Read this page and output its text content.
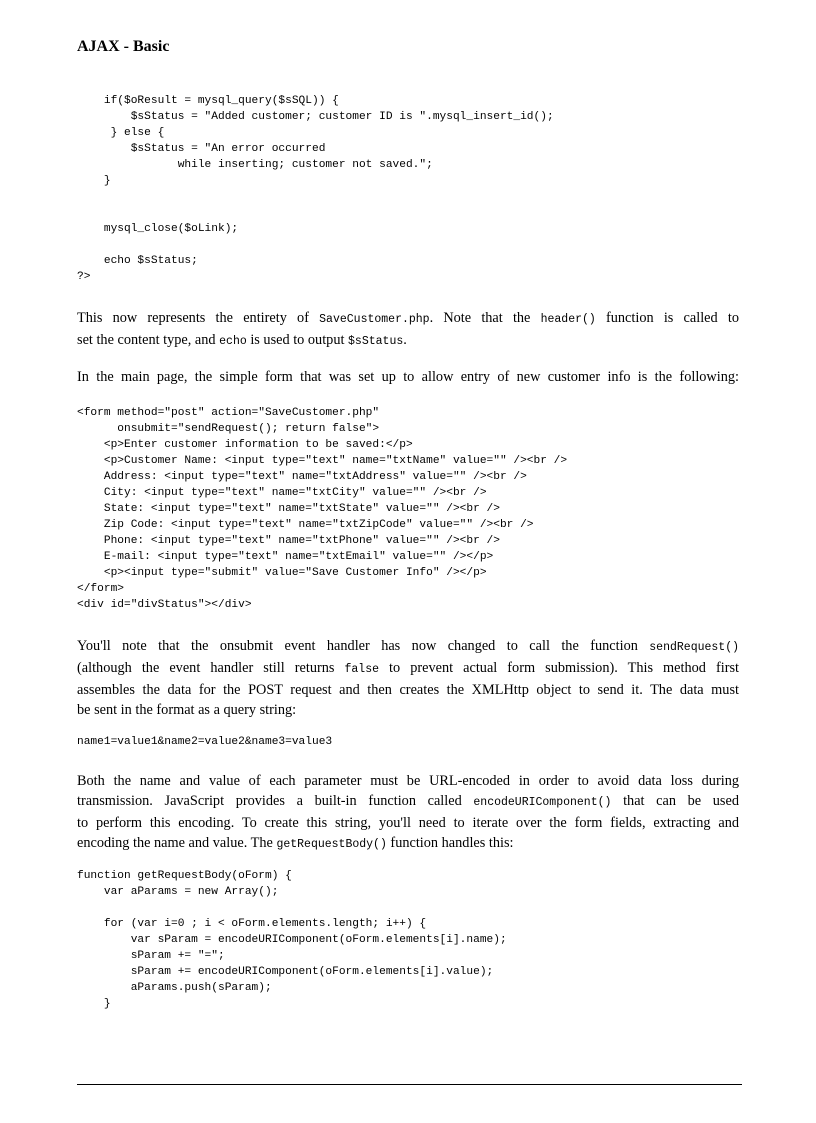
AJAX - Basic
if($oResult = mysql_query($sSQL)) {
$sStatus = "Added customer; customer ID is ".mysql_insert_id();
} else {
$sStatus = "An error occurred
while inserting; customer not saved.";
}

mysql_close($oLink);

echo $sStatus;
?>
This now represents the entirety of SaveCustomer.php. Note that the header() function is called to
set the content type, and echo is used to output $sStatus.
In the main page, the simple form that was set up to allow entry of new customer info is the following:
<form method="post" action="SaveCustomer.php"
onsubmit="sendRequest(); return false">
<p>Enter customer information to be saved:</p>
<p>Customer Name: <input type="text" name="txtName" value="" /><br />
Address: <input type="text" name="txtAddress" value="" /><br />
City: <input type="text" name="txtCity" value="" /><br />
State: <input type="text" name="txtState" value="" /><br />
Zip Code: <input type="text" name="txtZipCode" value="" /><br />
Phone: <input type="text" name="txtPhone" value="" /><br />
E-mail: <input type="text" name="txtEmail" value="" /></p>
<p><input type="submit" value="Save Customer Info" /></p>
</form>
<div id="divStatus"></div>
You'll note that the onsubmit event handler has now changed to call the function sendRequest()
(although the event handler still returns false to prevent actual form submission). This method first
assembles the data for the POST request and then creates the XMLHttp object to send it. The data must
be sent in the format as a query string:
name1=value1&name2=value2&name3=value3
Both the name and value of each parameter must be URL-encoded in order to avoid data loss during
transmission. JavaScript provides a built-in function called encodeURIComponent() that can be used
to perform this encoding. To create this string, you'll need to iterate over the form fields, extracting and
encoding the name and value. The getRequestBody() function handles this:
function getRequestBody(oForm) {
var aParams = new Array();

for (var i=0 ; i < oForm.elements.length; i++) {
var sParam = encodeURIComponent(oForm.elements[i].name);
sParam += "=";
sParam += encodeURIComponent(oForm.elements[i].value);
aParams.push(sParam);
}
